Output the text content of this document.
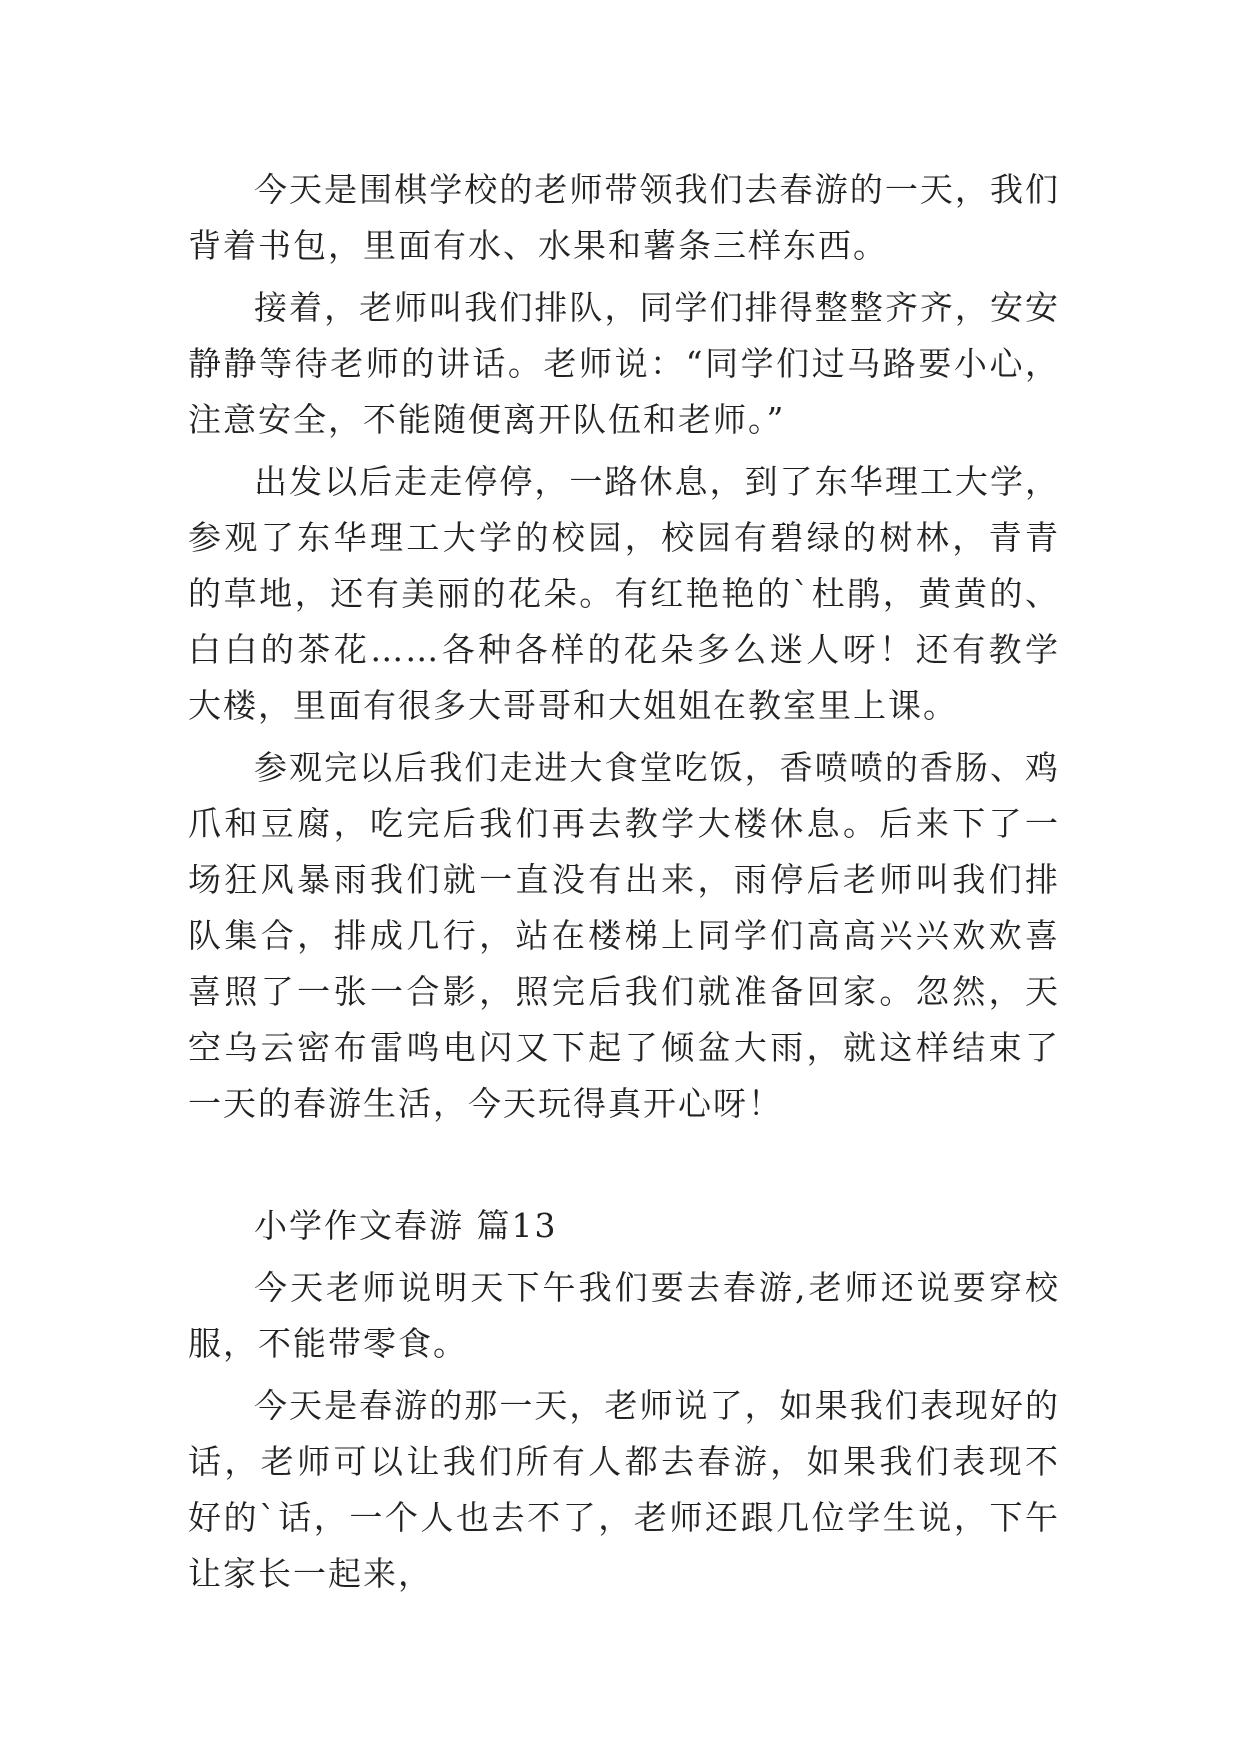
今天是围棋学校的老师带领我们去春游的一天，我们背着书包，里面有水、水果和薯条三样东西。

接着，老师叫我们排队，同学们排得整整齐齐，安安静静等待老师的讲话。老师说：“同学们过马路要小心，注意安全，不能随便离开队伍和老师。”

出发以后走走停停，一路休息，到了东华理工大学，参观了东华理工大学的校园，校园有碧绿的树林，青青的草地，还有美丽的花朵。有红艳艳的`杜鹃，黄黄的、白白的茶花……各种各样的花朵多么迷人呀！还有教学大楼，里面有很多大哥哥和大姐姐在教室里上课。

参观完以后我们走进大食堂吃饭，香喷喷的香肠、鸡爪和豆腐，吃完后我们再去教学大楼休息。后来下了一场狂风暴雨我们就一直没有出来，雨停后老师叫我们排队集合，排成几行，站在楼梯上同学们高高兴兴欢欢喜喜照了一张一合影，照完后我们就准备回家。忽然，天空乌云密布雷鸣电闪又下起了倾盆大雨，就这样结束了一天的春游生活，今天玩得真开心呀！

小学作文春游 篇13

今天老师说明天下午我们要去春游,老师还说要穿校服，不能带零食。

今天是春游的那一天，老师说了，如果我们表现好的话，老师可以让我们所有人都去春游，如果我们表现不好的`话，一个人也去不了，老师还跟几位学生说，下午让家长一起来，
